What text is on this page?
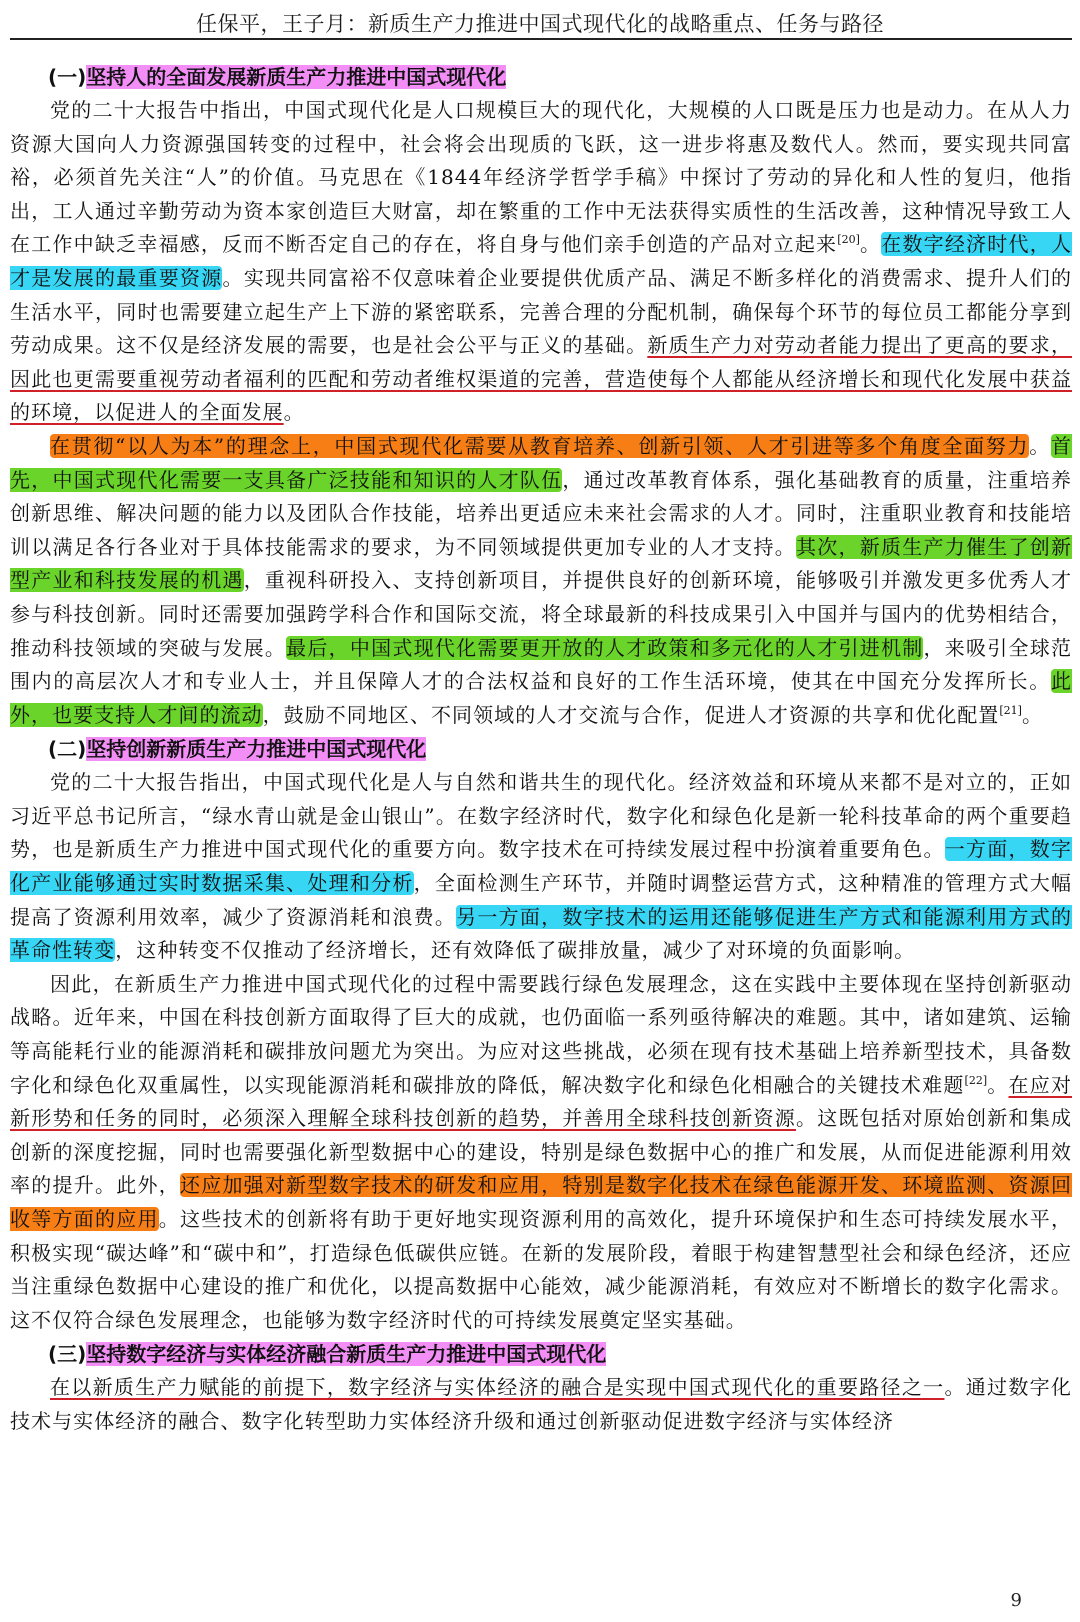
任保平，王子月：新质生产力推进中国式现代化的战略重点、任务与路径
(一)坚持人的全面发展新质生产力推进中国式现代化

党的二十大报告中指出，中国式现代化是人口规模巨大的现代化，大规模的人口既是压力也是动力。在从人力资源大国向人力资源强国转变的过程中，社会将会出现质的飞跃，这一进步将惠及数代人。然而，要实现共同富裕，必须首先关注“人”的价值。马克思在《1844年经济学哲学手稿》中探讨了劳动的异化和人性的复归，他指出，工人通过辛勤劳动为资本家创造巨大财富，却在繁重的工作中无法获得实质性的生活改善，这种情况导致工人在工作中缺乏幸福感，反而不断否定自己的存在，将自身与他们亲手创造的产品对立起来[20]。在数字经济时代，人才是发展的最重要资源。实现共同富裕不仅意味着企业要提供优质产品、满足不断多样化的消费需求、提升人们的生活水平，同时也需要建立起生产上下游的紧密联系，完善合理的分配机制，确保每个环节的每位员工都能分享到劳动成果。这不仅是经济发展的需要，也是社会公平与正义的基础。新质生产力对劳动者能力提出了更高的要求，因此也更需要重视劳动者福利的匹配和劳动者维权渠道的完善，营造使每个人都能从经济增长和现代化发展中获益的环境，以促进人的全面发展。

在贯彻“以人为本”的理念上，中国式现代化需要从教育培养、创新引领、人才引进等多个角度全面努力。首先，中国式现代化需要一支具备广泛技能和知识的人才队伍，通过改革教育体系，强化基础教育的质量，注重培养创新思维、解决问题的能力以及团队合作技能，培养出更适应未来社会需求的人才。同时，注重职业教育和技能培训以满足各行各业对于具体技能需求的要求，为不同领域提供更加专业的人才支持。其次，新质生产力催生了创新型产业和科技发展的机遇，重视科研投入、支持创新项目，并提供良好的创新环境，能够吸引并激发更多优秀人才参与科技创新。同时还需要加强跨学科合作和国际交流，将全球最新的科技成果引入中国并与国内的优势相结合，推动科技领域的突破与发展。最后，中国式现代化需要更开放的人才政策和多元化的人才引进机制，来吸引全球范围内的高层次人才和专业人士，并且保障人才的合法权益和良好的工作生活环境，使其在中国充分发挥所长。此外，也要支持人才间的流动，鼓励不同地区、不同领域的人才交流与合作，促进人才资源的共享和优化配置[21]。

(二)坚持创新新质生产力推进中国式现代化

党的二十大报告指出，中国式现代化是人与自然和谐共生的现代化。经济效益和环境从来都不是对立的，正如习近平总书记所言，“绿水青山就是金山银山”。在数字经济时代，数字化和绿色化是新一轮科技革命的两个重要趋势，也是新质生产力推进中国式现代化的重要方向。数字技术在可持续发展过程中扮演着重要角色。一方面，数字化产业能够通过实时数据采集、处理和分析，全面检测生产环节，并随时调整运营方式，这种精准的管理方式大幅提高了资源利用效率，减少了资源消耗和浪费。另一方面，数字技术的运用还能够促进生产方式和能源利用方式的革命性转变，这种转变不仅推动了经济增长，还有效降低了碳排放量，减少了对环境的负面影响。

因此，在新质生产力推进中国式现代化的过程中需要践行绿色发展理念，这在实践中主要体现在坚持创新驱动战略。近年来，中国在科技创新方面取得了巨大的成就，也仍面临一系列亟待解决的难题。其中，诸如建筑、运输等高能耗行业的能源消耗和碳排放问题尤为突出。为应对这些挑战，必须在现有技术基础上培养新型技术，具备数字化和绿色化双重属性，以实现能源消耗和碳排放的降低，解决数字化和绿色化相融合的关键技术难题[22]。在应对新形势和任务的同时，必须深入理解全球科技创新的趋势，并善用全球科技创新资源。这既包括对原始创新和集成创新的深度挖掘，同时也需要强化新型数据中心的建设，特别是绿色数据中心的推广和发展，从而促进能源利用效率的提升。此外，还应加强对新型数字技术的研发和应用，特别是数字化技术在绿色能源开发、环境监测、资源回收等方面的应用。这些技术的创新将有助于更好地实现资源利用的高效化，提升环境保护和生态可持续发展水平，积极实现“碳达峰”和“碳中和”，打造绿色低碳供应链。在新的发展阶段，着眼于构建智慧型社会和绿色经济，还应当注重绿色数据中心建设的推广和优化，以提高数据中心能效，减少能源消耗，有效应对不断增长的数字化需求。这不仅符合绿色发展理念，也能够为数字经济时代的可持续发展奠定坚实基础。

(三)坚持数字经济与实体经济融合新质生产力推进中国式现代化

在以新质生产力赋能的前提下，数字经济与实体经济的融合是实现中国式现代化的重要路径之一。通过数字化技术与实体经济的融合、数字化转型助力实体经济升级和通过创新驱动促进数字经济与实体经济

9
